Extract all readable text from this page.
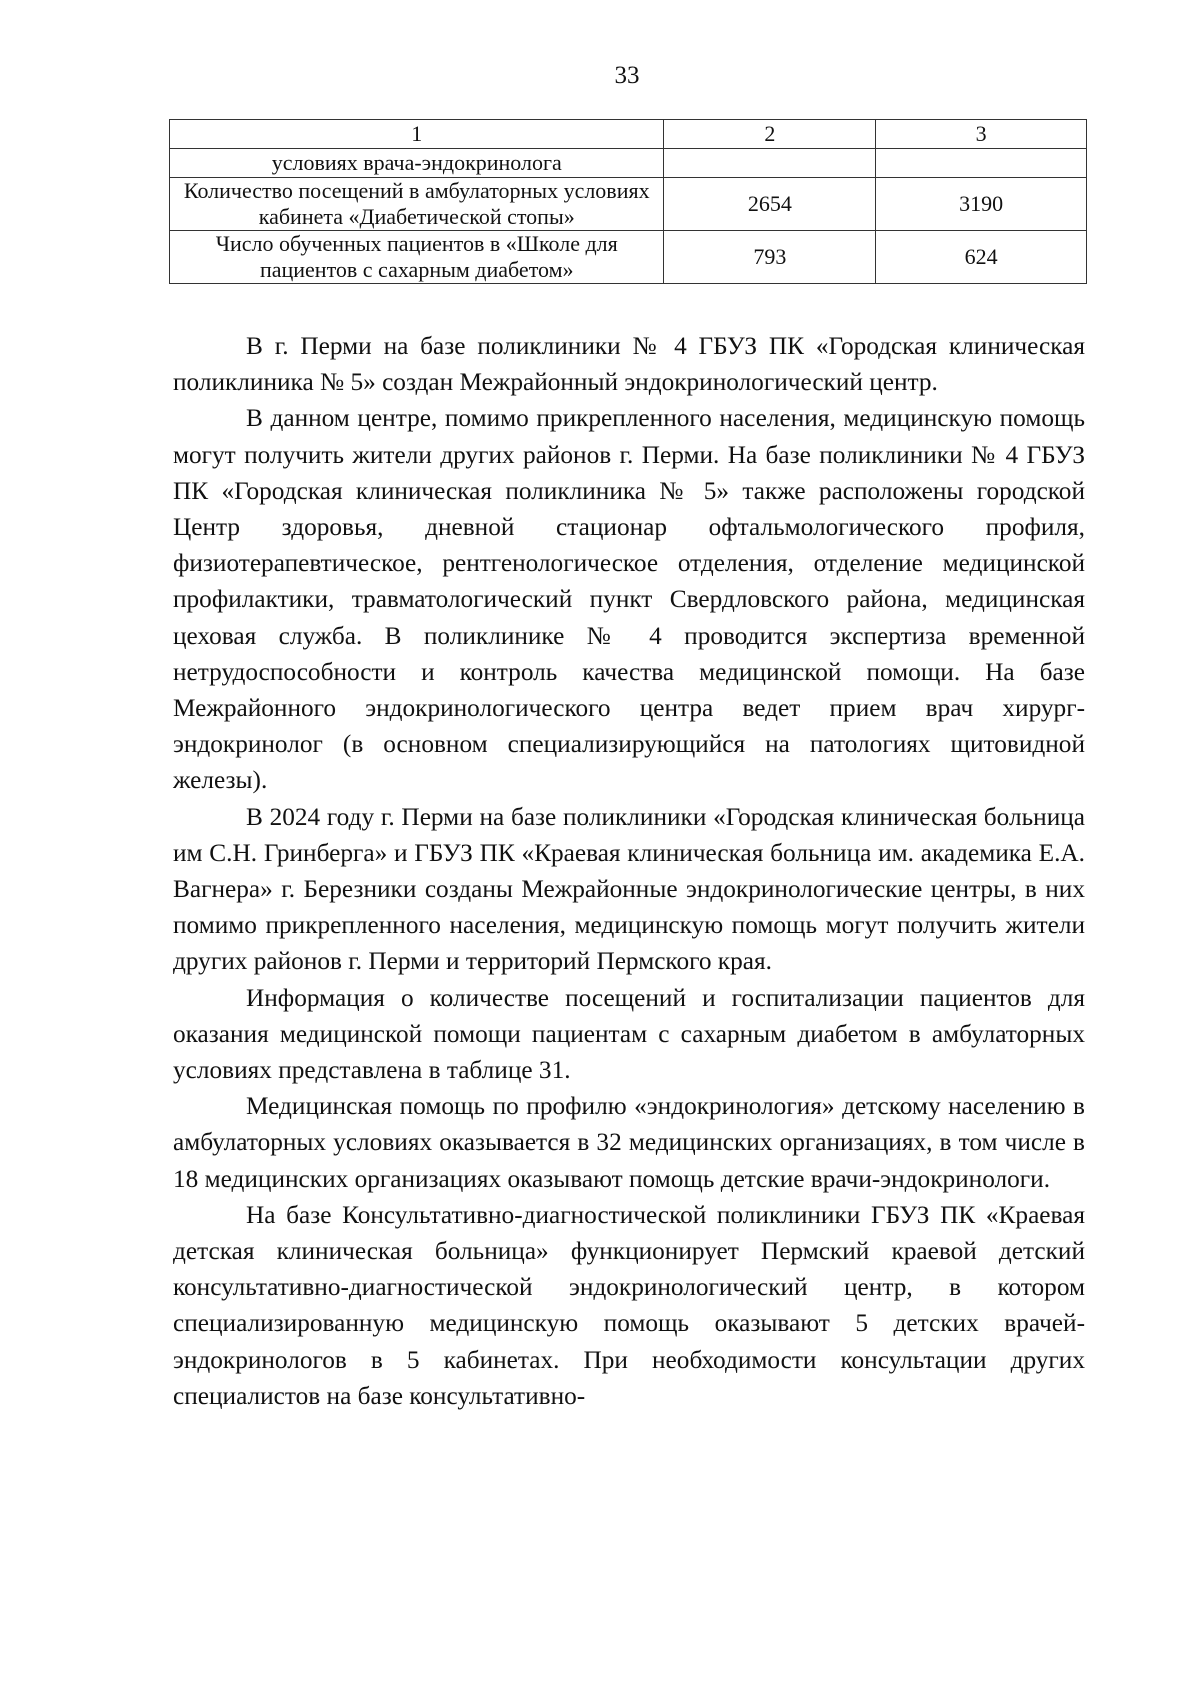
33
1	2	3
условиях врача-эндокринолога		
Количество посещений в амбулаторных условиях кабинета «Диабетической стопы»	2654	3190
Число обученных пациентов в «Школе для пациентов с сахарным диабетом»	793	624

В г. Перми на базе поликлиники № 4 ГБУЗ ПК «Городская клиническая поликлиника № 5» создан Межрайонный эндокринологический центр.

В данном центре, помимо прикрепленного населения, медицинскую помощь могут получить жители других районов г. Перми. На базе поликлиники № 4 ГБУЗ ПК «Городская клиническая поликлиника № 5» также расположены городской Центр здоровья, дневной стационар офтальмологического профиля, физиотерапевтическое, рентгенологическое отделения, отделение медицинской профилактики, травматологический пункт Свердловского района, медицинская цеховая служба. В поликлинике № 4 проводится экспертиза временной нетрудоспособности и контроль качества медицинской помощи. На базе Межрайонного эндокринологического центра ведет прием врач хирург-эндокринолог (в основном специализирующийся на патологиях щитовидной железы).

В 2024 году г. Перми на базе поликлиники «Городская клиническая больница им С.Н. Гринберга» и ГБУЗ ПК «Краевая клиническая больница им. академика Е.А. Вагнера» г. Березники созданы Межрайонные эндокринологические центры, в них помимо прикрепленного населения, медицинскую помощь могут получить жители других районов г. Перми и территорий Пермского края.

Информация о количестве посещений и госпитализации пациентов для оказания медицинской помощи пациентам с сахарным диабетом в амбулаторных условиях представлена в таблице 31.

Медицинская помощь по профилю «эндокринология» детскому населению в амбулаторных условиях оказывается в 32 медицинских организациях, в том числе в 18 медицинских организациях оказывают помощь детские врачи-эндокринологи.

На базе Консультативно-диагностической поликлиники ГБУЗ ПК «Краевая детская клиническая больница» функционирует Пермский краевой детский консультативно-диагностической эндокринологический центр, в котором специализированную медицинскую помощь оказывают 5 детских врачей-эндокринологов в 5 кабинетах. При необходимости консультации других специалистов на базе консультативно-
